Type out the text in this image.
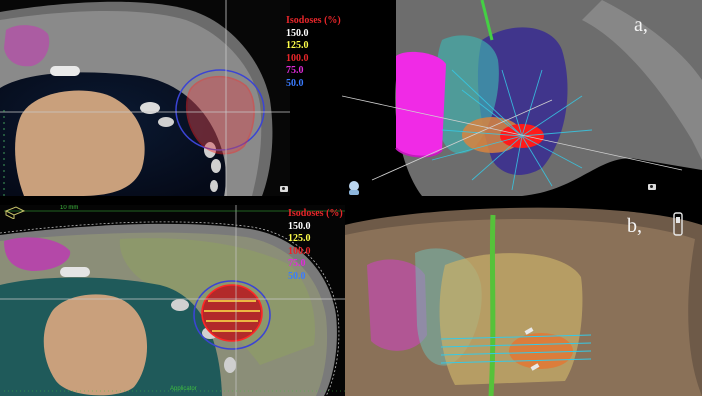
Isodoses (%)
150.0
125.0
100.0
75.0
50.0
a,
10 mm
Applicator
Isodoses (%)
150.0
125.0
100.0
75.0
50.0
b,
